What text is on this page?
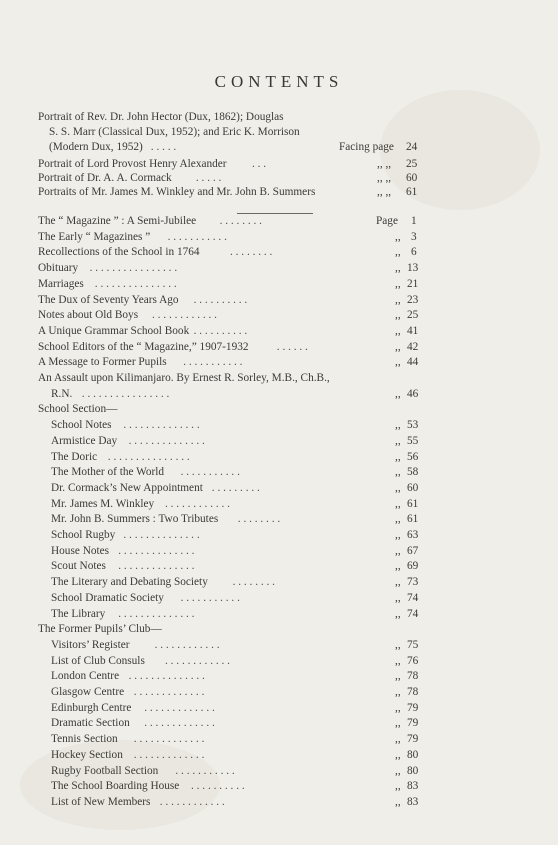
CONTENTS
Portrait of Rev. Dr. John Hector (Dux, 1862); Douglas
S. S. Marr (Classical Dux, 1952); and Eric K. Morrison
(Modern Dux, 1952)	Facing page 24
. . . . .
Portrait of Lord Provost Henry Alexander	,, ,, 25
. . .
Portrait of Dr. A. A. Cormack	,, ,, 60
. . . . .
Portraits of Mr. James M. Winkley and Mr. John B. Summers	,, ,, 61
The “ Magazine ” : A Semi-Jubilee	Page 1
. . . . . . . .
The Early “ Magazines ”	,, 3
. . . . . . . . . . .
Recollections of the School in 1764	,, 6
. . . . . . . .
Obituary	,, 13
. . . . . . . . . . . . . . . .
Marriages	,, 21
. . . . . . . . . . . . . . .
The Dux of Seventy Years Ago	,, 23
. . . . . . . . . .
Notes about Old Boys	,, 25
. . . . . . . . . . . .
A Unique Grammar School Book	,, 41
. . . . . . . . . .
School Editors of the “ Magazine,” 1907-1932	,, 42
. . . . . .
A Message to Former Pupils	,, 44
. . . . . . . . . . .
An Assault upon Kilimanjaro. By Ernest R. Sorley, M.B., Ch.B.,
R.N.	,, 46
. . . . . . . . . . . . . . . .
School Section—
School Notes	,, 53
. . . . . . . . . . . . . .
Armistice Day	,, 55
. . . . . . . . . . . . . .
The Doric	,, 56
. . . . . . . . . . . . . . .
The Mother of the World	,, 58
. . . . . . . . . . .
Dr. Cormack’s New Appointment	,, 60
. . . . . . . . .
Mr. James M. Winkley	,, 61
. . . . . . . . . . . .
Mr. John B. Summers : Two Tributes	,, 61
. . . . . . . .
School Rugby	,, 63
. . . . . . . . . . . . . .
House Notes	,, 67
. . . . . . . . . . . . . .
Scout Notes	,, 69
. . . . . . . . . . . . . .
The Literary and Debating Society	,, 73
. . . . . . . .
School Dramatic Society	,, 74
. . . . . . . . . . .
The Library	,, 74
. . . . . . . . . . . . . .
The Former Pupils’ Club—
Visitors’ Register	,, 75
. . . . . . . . . . . .
List of Club Consuls	,, 76
. . . . . . . . . . . .
London Centre	,, 78
. . . . . . . . . . . . . .
Glasgow Centre	,, 78
. . . . . . . . . . . . .
Edinburgh Centre	,, 79
. . . . . . . . . . . . .
Dramatic Section	,, 79
. . . . . . . . . . . . .
Tennis Section	,, 79
. . . . . . . . . . . . .
Hockey Section	,, 80
. . . . . . . . . . . . .
Rugby Football Section	,, 80
. . . . . . . . . . .
The School Boarding House	,, 83
. . . . . . . . . .
List of New Members	,, 83
. . . . . . . . . . . .
